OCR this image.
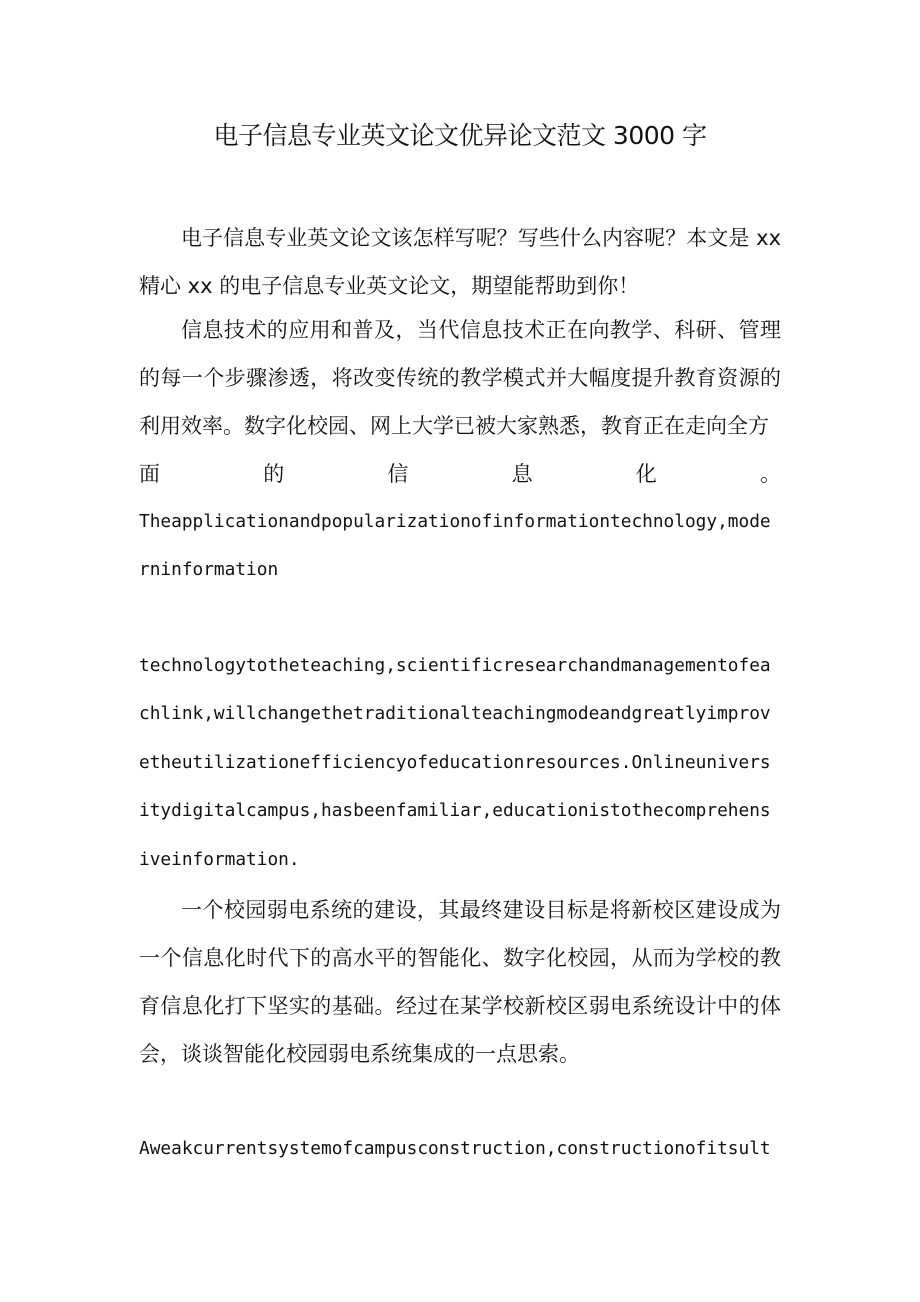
电子信息专业英文论文优异论文范文 3000 字

电子信息专业英文论文该怎样写呢？写些什么内容呢？本文是 xx 精心 xx 的电子信息专业英文论文，期望能帮助到你！

信息技术的应用和普及，当代信息技术正在向教学、科研、管理的每一个步骤渗透，将改变传统的教学模式并大幅度提升教育资源的利用效率。数字化校园、网上大学已被大家熟悉，教育正在走向全方

面	的	信	息	化	。

Theapplicationandpopularizationofinformationtechnology,moderninformation

technologytotheteaching,scientificresearchandmanagementofeachlink,willchangethetraditionalteachingmodeandgreatlyimprovetheutilizationefficiencyofeducationresources.Onlineuniversitydigitalcampus,hasbeenfamiliar,educationistothecomprehensiveinformation.

一个校园弱电系统的建设，其最终建设目标是将新校区建设成为一个信息化时代下的高水平的智能化、数字化校园，从而为学校的教育信息化打下坚实的基础。经过在某学校新校区弱电系统设计中的体会，谈谈智能化校园弱电系统集成的一点思索。

Aweakcurrentsystemofcampusconstruction,constructionofitsult
